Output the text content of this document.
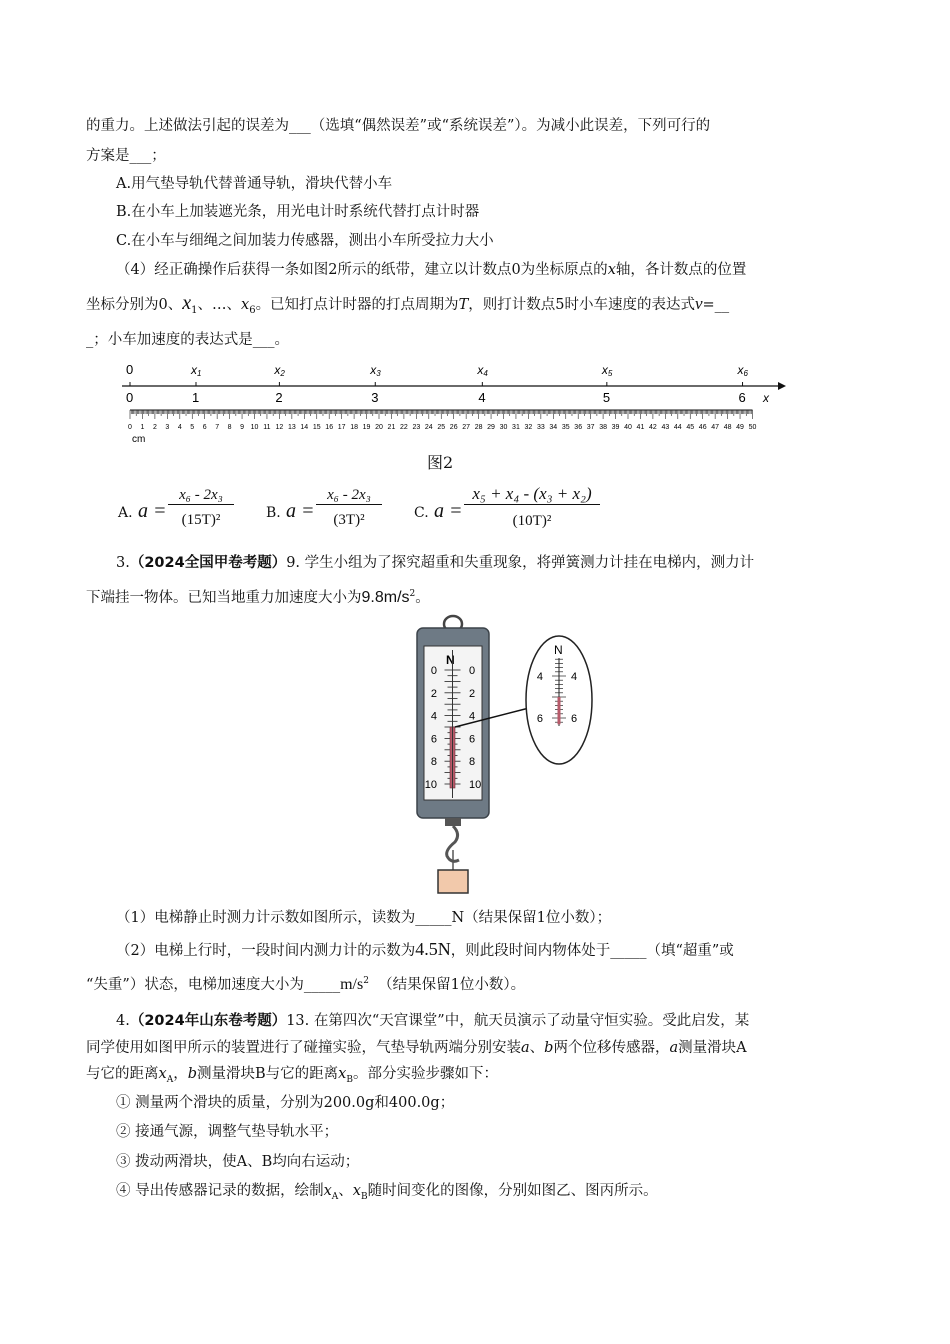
的重力。上述做法引起的误差为___（选填“偶然误差”或“系统误差”）。为减小此误差，下列可行的
方案是___；
A.用气垫导轨代替普通导轨，滑块代替小车
B.在小车上加装遮光条，用光电计时系统代替打点计时器
C.在小车与细绳之间加装力传感器，测出小车所受拉力大小
（4）经正确操作后获得一条如图2所示的纸带，建立以计数点0为坐标原点的x轴，各计数点的位置
坐标分别为0、$x_1$、…、$x_6$。已知打点计时器的打点周期为T，则打计数点5时小车速度的表达式v=__
_；小车加速度的表达式是___。
x
0
0
x1
1
x2
2
x3
3
x4
4
x5
5
x6
6
0 1 2 3 4 5 6 7 8 9 10 11 12 13 14 15 16 17 18 19 20 21 22 23 24 25 26 27 28 29 30 31 32 33 34 35 36 37 38 39 40 41 42 43 44 45 46 47 48 49 50
cm
图2
A. a =
x₆ - 2x₃
(15T)²	B. a =
x₆ - 2x₃
(3T)²	C. a =
x₅ + x₄ - (x₃ + x₂)
(10T)²
3.（2024全国甲卷考题）9. 学生小组为了探究超重和失重现象，将弹簧测力计挂在电梯内，测力计
下端挂一物体。已知当地重力加速度大小为$9.8m/s^2$。
N
0	0
2	2
4	4
6	6
8	8
10	10
N
4	4
6	6
（1）电梯静止时测力计示数如图所示，读数为_____N（结果保留1位小数）；
（2）电梯上行时，一段时间内测力计的示数为4.5N，则此段时间内物体处于_____（填“超重”或
“失重”）状态，电梯加速度大小为$\_\_\_\_\_m/s^2$ （结果保留1位小数）。
4.（2024年山东卷考题）13. 在第四次“天宫课堂”中，航天员演示了动量守恒实验。受此启发，某
同学使用如图甲所示的装置进行了碰撞实验，气垫导轨两端分别安装a、b两个位移传感器，a测量滑块A
与它的距离$x_A$，b测量滑块B与它的距离$x_B$。部分实验步骤如下：
① 测量两个滑块的质量，分别为200.0g和400.0g；
② 接通气源，调整气垫导轨水平；
③ 拨动两滑块，使A、B均向右运动；
④ 导出传感器记录的数据，绘制$x_A$、$x_B$随时间变化的图像，分别如图乙、图丙所示。
